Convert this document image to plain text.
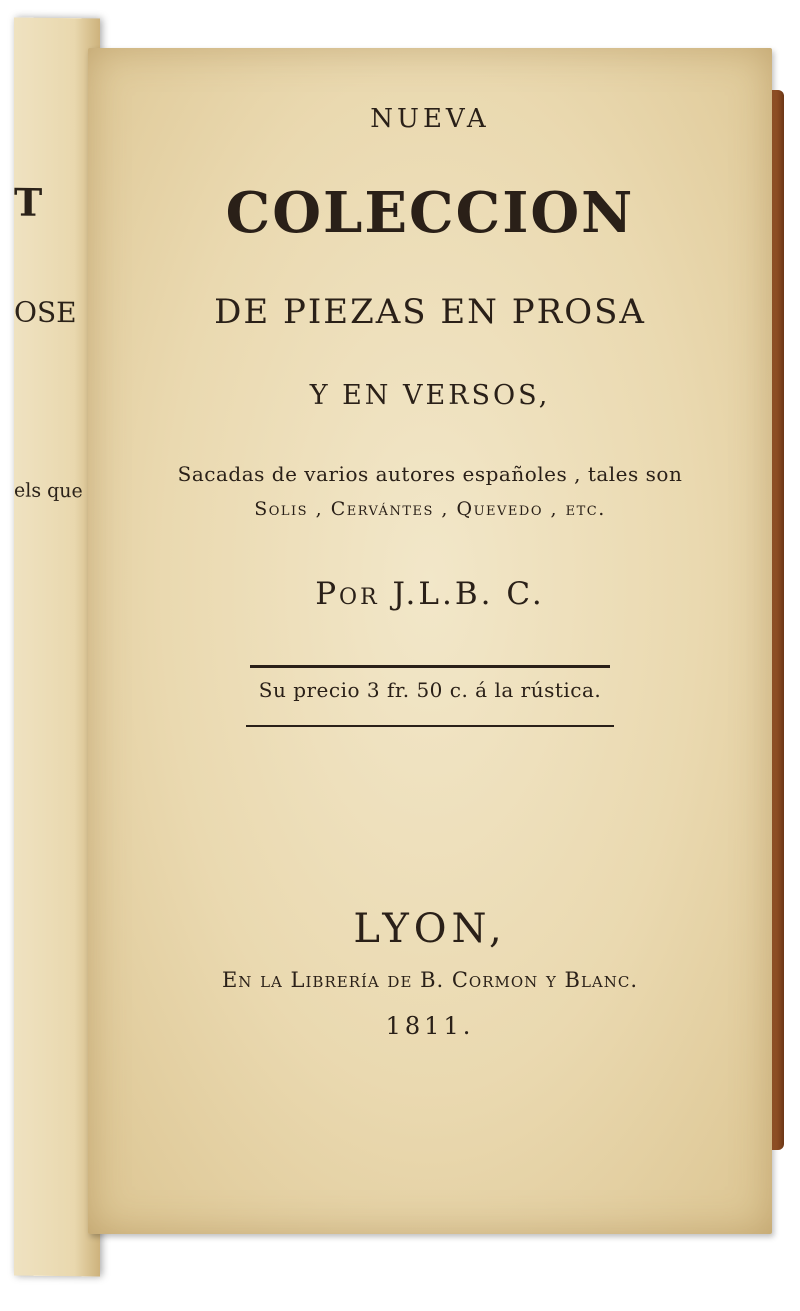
T
OSE
els que
NUEVA
COLECCION
DE PIEZAS EN PROSA
Y EN VERSOS,
Sacadas de varios autores españoles , tales son
Solis , Cervántes , Quevedo , etc.
Por J.L.B. C.
Su precio 3 fr. 50 c. á la rústica.
LYON,
En la Librería de B. Cormon y Blanc.
1811.
